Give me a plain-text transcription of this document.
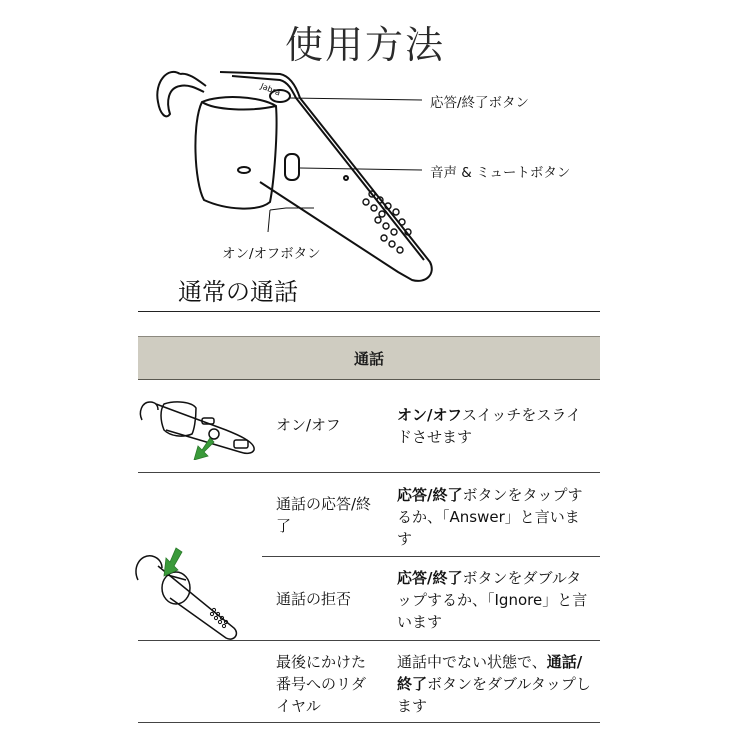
使用方法
Jabra
応答/終了ボタン
音声 & ミュートボタン
オン/オフボタン
通常の通話
通話
オン/オフ
オン/オフスイッチをスライドさせます
通話の応答/終了
応答/終了ボタンをタップするか、「Answer」と言います
通話の拒否
応答/終了ボタンをダブルタップするか、「Ignore」と言います
最後にかけた番号へのリダイヤル
通話中でない状態で、通話/終了ボタンをダブルタップします
